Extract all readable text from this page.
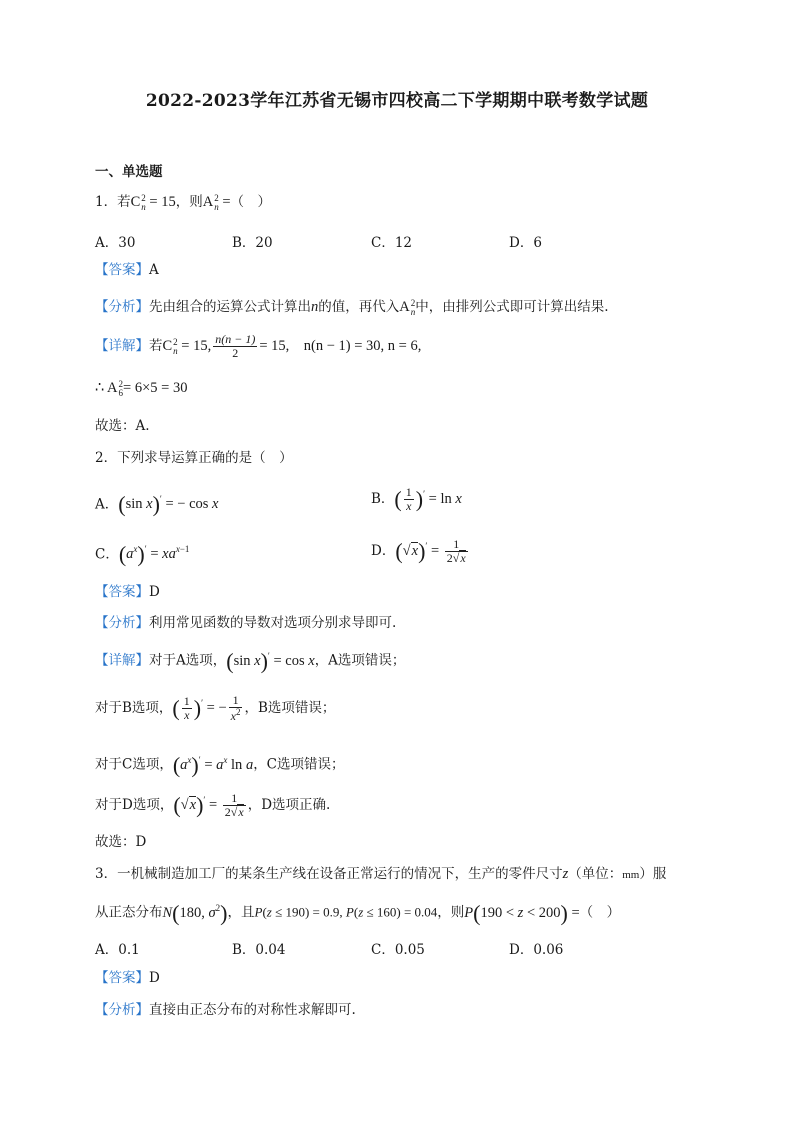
2022-2023学年江苏省无锡市四校高二下学期期中联考数学试题
一、单选题
1．若C 2
n = 15，则A 2
n =（　）
A．30	B．20	C．12	D．6
【答案】A
【分析】先由组合的运算公式计算出n的值，再代入A 2
n 中，由排列公式即可计算出结果.
【详解】若C 2
n = 15, $\frac{n(n - 1)}{2} = 15$,　n(n − 1) = 30, n = 6,
∴ A 2
6 = 6×5 = 30
故选：A.
2．下列求导运算正确的是（　）
A．(sin x)′ = − cos x	B．( $\frac{1}{x} )' = \ln x$
C．$(a^x)' = xa^{x-1}$	D．$(√x)' = \frac{1}{2√x}$
【答案】D
【分析】利用常见函数的导数对选项分别求导即可.
【详解】对于A选项，(sin x)′ = cos x，A选项错误；
对于B选项，( $\frac{1}{x} )'$ = − $\frac{1}{x^2}$ ，B选项错误；
对于C选项，$(a^x)' = a^x$ ln a，C选项错误；
对于D选项，$(√x)' = \frac{1}{2√x}$ ，D选项正确.
故选：D
3．一机械制造加工厂的某条生产线在设备正常运行的情况下，生产的零件尺寸z（单位：mm）服
从正态分布N(180, $\sigma^2$)，且P(z ≤ 190) = 0.9, P(z ≤ 160) = 0.04，则P(190 < z < 200) =（　）
A．0.1	B．0.04	C．0.05	D．0.06
【答案】D
【分析】直接由正态分布的对称性求解即可.
